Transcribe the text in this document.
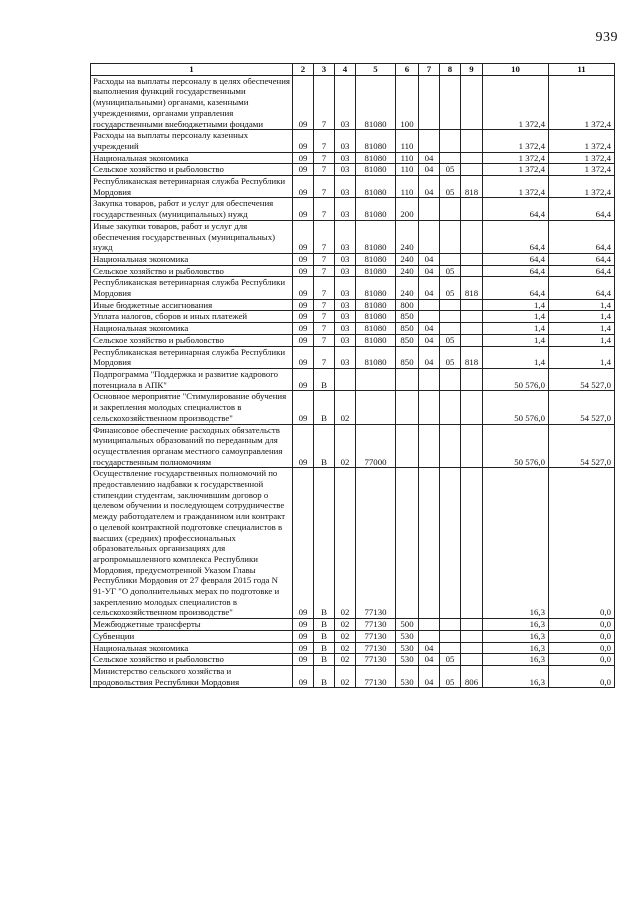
939
1	2	3	4	5	6	7	8	9	10	11
Расходы на выплаты персоналу в целях обеспечения выполнения функций государственными (муниципальными) органами, казенными учреждениями, органами управления государственными внебюджетными фондами	09	7	03	81080	100				1 372,4	1 372,4
Расходы на выплаты персоналу казенных учреждений	09	7	03	81080	110				1 372,4	1 372,4
Национальная экономика	09	7	03	81080	110	04			1 372,4	1 372,4
Сельское хозяйство и рыболовство	09	7	03	81080	110	04	05		1 372,4	1 372,4
Республиканская ветеринарная служба Республики Мордовия	09	7	03	81080	110	04	05	818	1 372,4	1 372,4
Закупка товаров, работ и услуг для обеспечения государственных (муниципальных) нужд	09	7	03	81080	200				64,4	64,4
Иные закупки товаров, работ и услуг для обеспечения государственных (муниципальных) нужд	09	7	03	81080	240				64,4	64,4
Национальная экономика	09	7	03	81080	240	04			64,4	64,4
Сельское хозяйство и рыболовство	09	7	03	81080	240	04	05		64,4	64,4
Республиканская ветеринарная служба Республики Мордовия	09	7	03	81080	240	04	05	818	64,4	64,4
Иные бюджетные ассигнования	09	7	03	81080	800				1,4	1,4
Уплата налогов, сборов и иных платежей	09	7	03	81080	850				1,4	1,4
Национальная экономика	09	7	03	81080	850	04			1,4	1,4
Сельское хозяйство и рыболовство	09	7	03	81080	850	04	05		1,4	1,4
Республиканская ветеринарная служба Республики Мордовия	09	7	03	81080	850	04	05	818	1,4	1,4
Подпрограмма "Поддержка и развитие кадрового потенциала в АПК"	09	В							50 576,0	54 527,0
Основное мероприятие "Стимулирование обучения и закрепления молодых специалистов в сельскохозяйственном производстве"	09	В	02						50 576,0	54 527,0
Финансовое обеспечение расходных обязательств муниципальных образований по переданным для осуществления органам местного самоуправления государственным полномочиям	09	В	02	77000					50 576,0	54 527,0
Осуществление государственных полномочий по предоставлению надбавки к государственной стипендии студентам, заключившим договор о целевом обучении и последующем сотрудничестве между работодателем и гражданином или контракт о целевой контрактной подготовке специалистов в высших (средних) профессиональных образовательных организациях для агропромышленного комплекса Республики Мордовия, предусмотренной Указом Главы Республики Мордовия от 27 февраля 2015 года N 91-УГ "О дополнительных мерах по подготовке и закреплению молодых специалистов в сельскохозяйственном производстве"	09	В	02	77130					16,3	0,0
Межбюджетные трансферты	09	В	02	77130	500				16,3	0,0
Субвенции	09	В	02	77130	530				16,3	0,0
Национальная экономика	09	В	02	77130	530	04			16,3	0,0
Сельское хозяйство и рыболовство	09	В	02	77130	530	04	05		16,3	0,0
Министерство сельского хозяйства и продовольствия Республики Мордовия	09	В	02	77130	530	04	05	806	16,3	0,0
